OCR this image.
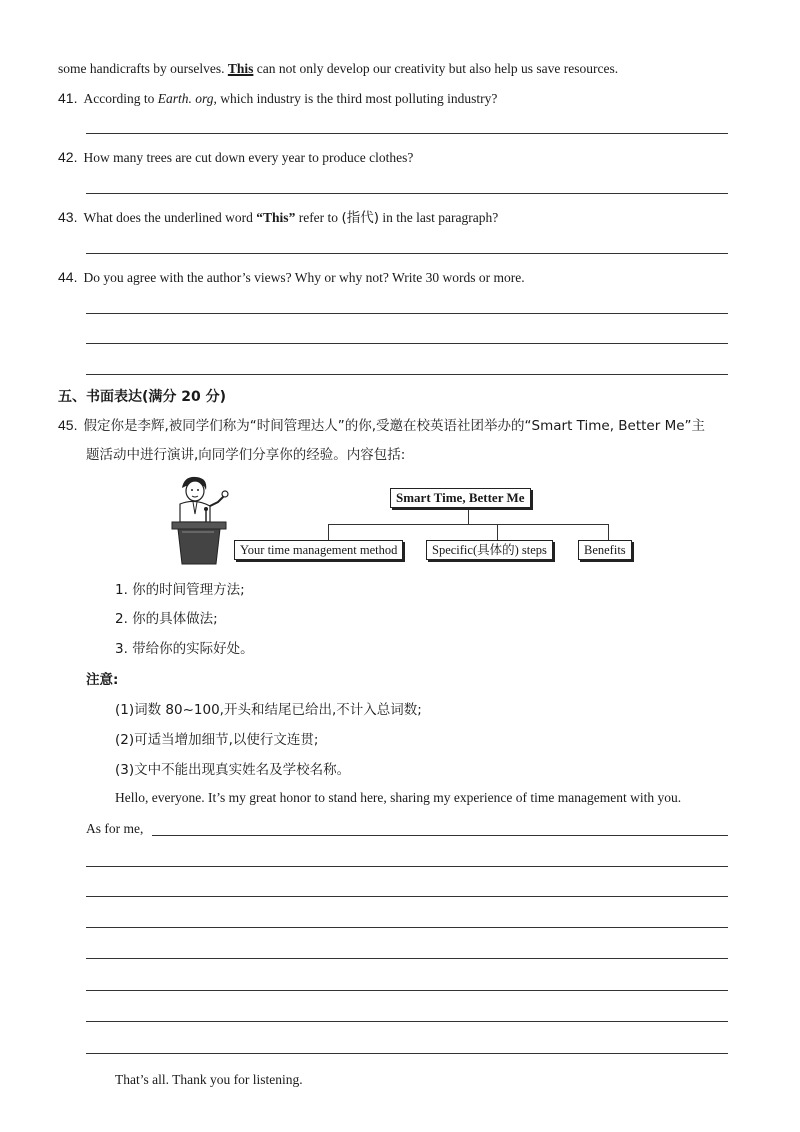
some handicrafts by ourselves. This can not only develop our creativity but also help us save resources.
41. According to Earth. org, which industry is the third most polluting industry?
42. How many trees are cut down every year to produce clothes?
43. What does the underlined word “This” refer to (指代) in the last paragraph?
44. Do you agree with the author’s views? Why or why not? Write 30 words or more.
五、书面表达(满分 20 分)
45. 假定你是李辉,被同学们称为“时间管理达人”的你,受邀在校英语社团举办的“Smart Time, Better Me”主
题活动中进行演讲,向同学们分享你的经验。内容包括:
Smart Time, Better Me
Your time management method	Specific(具体的) steps	Benefits
1. 你的时间管理方法;
2. 你的具体做法;
3. 带给你的实际好处。
注意:
(1)词数 80~100,开头和结尾已给出,不计入总词数;
(2)可适当增加细节,以使行文连贯;
(3)文中不能出现真实姓名及学校名称。
Hello, everyone. It’s my great honor to stand here, sharing my experience of time management with you.
As for me,
That’s all. Thank you for listening.
